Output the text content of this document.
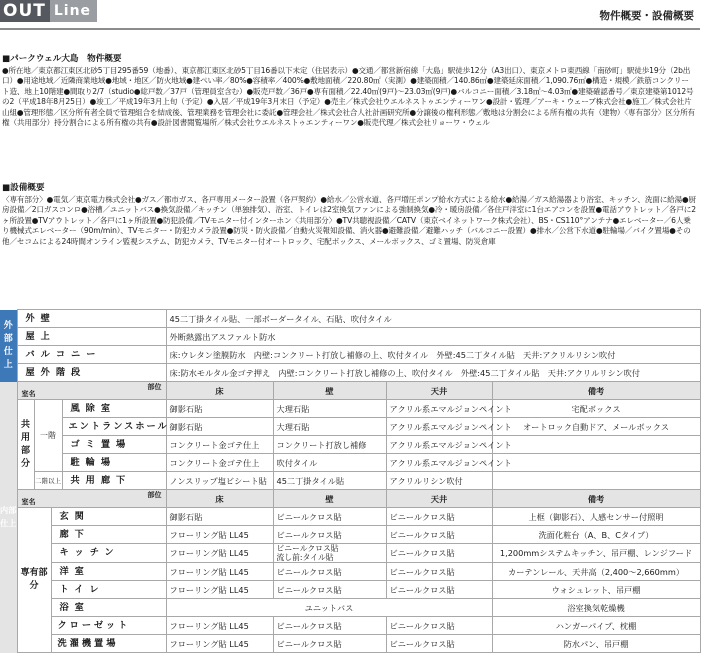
OUT Line	物件概要・設備概要
■パークウェル大島　物件概要
●所在地／東京都江東区北砂5丁目295番59（地番）、東京都江東区北砂5丁目16番以下未定（住居表示）●交通／都営新宿線「大島」駅徒歩12分（A3出口）、東京メトロ東西線「南砂町」駅徒歩19分（2b出口）●用途地域／近隣商業地域●地域・地区／防火地域●建ぺい率／80%●容積率／400%●敷地面積／220.80㎡（実測）●建築面積／140.86㎡●建築延床面積／1,090.76㎡●構造・規模／鉄筋コンクリート造、地上10階建●間取り2/7（studio●総戸数／37戸（管理員室含む）●販売戸数／36戸●専有面積／22.40㎡(9戸)〜23.03㎡(9戸)●バルコニー面積／3.18㎡〜4.03㎡●建築確認番号／東京建築第1012号の2（平成18年8月25日）●竣工／平成19年3月上旬（予定）●入居／平成19年3月末日（予定）●売主／株式会社ウエルネストゥエンティーワン●設計・監理／アーキ・ウェーブ株式会社●施工／株式会社片山組●管理形態／区分所有者全員で管理組合を結成後、管理業務を管理会社に委託●管理会社／株式会社合人社計画研究所●分譲後の権利形態／敷地は分割会による所有権の共有（建物）〈専有部分〉区分所有権（共用部分）持分割合による所有権の共有●設計図書閲覧場所／株式会社ウエルネストゥエンティーワン●販売代理／株式会社リョーワ・ウェル
■設備概要
〈専有部分〉●電気／東京電力株式会社●ガス／都市ガス、各戸専用メーター設置（各戸契約）●給水／公営水道、各戸増圧ポンプ給水方式による給水●給湯／ガス給湯器より浴室、キッチン、洗面に給湯●厨房設備／2口ガスコンロ●浴槽／ユニットバス●換気設備／キッチン（単独排気）、浴室、トイレは2室換気ファンによる強制換気●冷・暖房設備／各住戸洋室に1台エアコンを設置●電話アウトレット／各戸に2ヶ所設置●TVアウトレット／各戸に1ヶ所設置●防犯設備／TVモニター付インターホン〈共用部分〉●TV共聴視設備／CATV（東京ベイネットワーク株式会社）、BS・CS110°アンテナ●エレベーター／6人乗り機械式エレベーター（90m/min）、TVモニター・防犯カメラ設置●防災・防火設備／自動火災報知設備、消火器●避難設備／避難ハッチ（バルコニー設置）●排水／公営下水道●駐輪場／バイク置場●その他／セコムによる24時間オンライン監視システム、防犯カメラ、TVモニター付オートロック、宅配ボックス、メールボックス、ゴミ置場、防災倉庫
外部仕上	外壁				45二丁掛タイル貼、一部ボーダータイル、石貼、吹付タイル			
	屋上				外断熱露出アスファルト防水			
	バルコニー				床:ウレタン塗膜防水　内壁:コンクリート打放し補修の上、吹付タイル　外壁:45二丁タイル貼　天井:アクリルリシン吹付			
	屋外階段				床:防水モルタル金ゴテ押え　内壁:コンクリート打放し補修の上、吹付タイル　外壁:45二丁タイル貼　天井:アクリルリシン吹付			
内部仕上	部位
室名				床	壁	天井	備考
	共用部分	一階		風除室	御影石貼	大理石貼	アクリル系エマルジョンペイント	宅配ボックス
				エントランスホール	御影石貼	大理石貼	アクリル系エマルジョンペイント	オートロック自動ドア、メールボックス
				ゴミ置場	コンクリート金ゴテ仕上	コンクリート打放し補修	アクリル系エマルジョンペイント	
				駐輪場	コンクリート金ゴテ仕上	吹付タイル	アクリル系エマルジョンペイント	
		二階以上		共用廊下	ノンスリップ塩ビシート貼	45二丁掛タイル貼	アクリルリシン吹付	

	部位
室名				床	壁	天井	備考
	専有部分		玄関		御影石貼	ビニールクロス貼	ビニールクロス貼	上框（御影石）、人感センサー付照明
			廊下		フローリング貼 LL45	ビニールクロス貼	ビニールクロス貼	洗面化粧台（A、B、Cタイプ）
			キッチン		フローリング貼 LL45	ビニールクロス貼
流し前:タイル貼	ビニールクロス貼	1,200mmシステムキッチン、吊戸棚、レンジフード
			洋室		フローリング貼 LL45	ビニールクロス貼	ビニールクロス貼	カーテンレール、天井高（2,400〜2,660mm）
			トイレ		フローリング貼 LL45	ビニールクロス貼	ビニールクロス貼	ウォシュレット、吊戸棚
			浴室		ユニットバス			浴室換気乾燥機
			クローゼット		フローリング貼 LL45	ビニールクロス貼	ビニールクロス貼	ハンガーパイプ、枕棚
			洗濯機置場		フローリング貼 LL45	ビニールクロス貼	ビニールクロス貼	防水パン、吊戸棚
